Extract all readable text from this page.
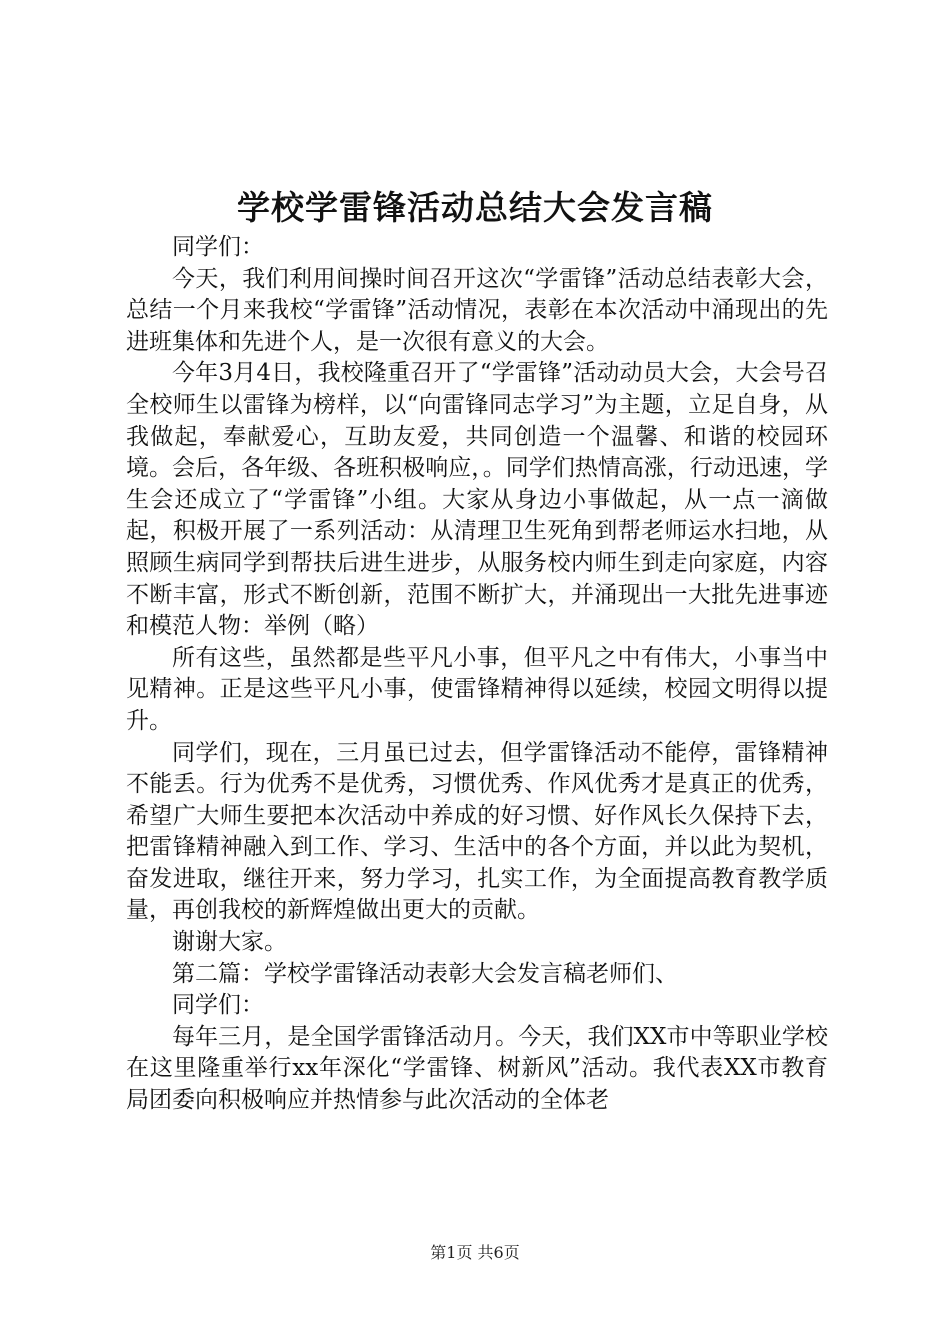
学校学雷锋活动总结大会发言稿

同学们：

今天，我们利用间操时间召开这次“学雷锋”活动总结表彰大会，总结一个月来我校“学雷锋”活动情况，表彰在本次活动中涌现出的先进班集体和先进个人，是一次很有意义的大会。

今年3月4日，我校隆重召开了“学雷锋”活动动员大会，大会号召全校师生以雷锋为榜样，以“向雷锋同志学习”为主题，立足自身，从我做起，奉献爱心，互助友爱，共同创造一个温馨、和谐的校园环境。会后，各年级、各班积极响应，。同学们热情高涨，行动迅速，学生会还成立了“学雷锋”小组。大家从身边小事做起，从一点一滴做起，积极开展了一系列活动：从清理卫生死角到帮老师运水扫地，从照顾生病同学到帮扶后进生进步，从服务校内师生到走向家庭，内容不断丰富，形式不断创新，范围不断扩大，并涌现出一大批先进事迹和模范人物：举例（略）

所有这些，虽然都是些平凡小事，但平凡之中有伟大，小事当中见精神。正是这些平凡小事，使雷锋精神得以延续，校园文明得以提升。

同学们，现在，三月虽已过去，但学雷锋活动不能停，雷锋精神不能丢。行为优秀不是优秀，习惯优秀、作风优秀才是真正的优秀，希望广大师生要把本次活动中养成的好习惯、好作风长久保持下去，把雷锋精神融入到工作、学习、生活中的各个方面，并以此为契机，奋发进取，继往开来，努力学习，扎实工作，为全面提高教育教学质量，再创我校的新辉煌做出更大的贡献。

谢谢大家。

第二篇：学校学雷锋活动表彰大会发言稿老师们、

同学们：

每年三月，是全国学雷锋活动月。今天，我们XX市中等职业学校在这里隆重举行xx年深化“学雷锋、树新风”活动。我代表XX市教育局团委向积极响应并热情参与此次活动的全体老

第1页 共6页
